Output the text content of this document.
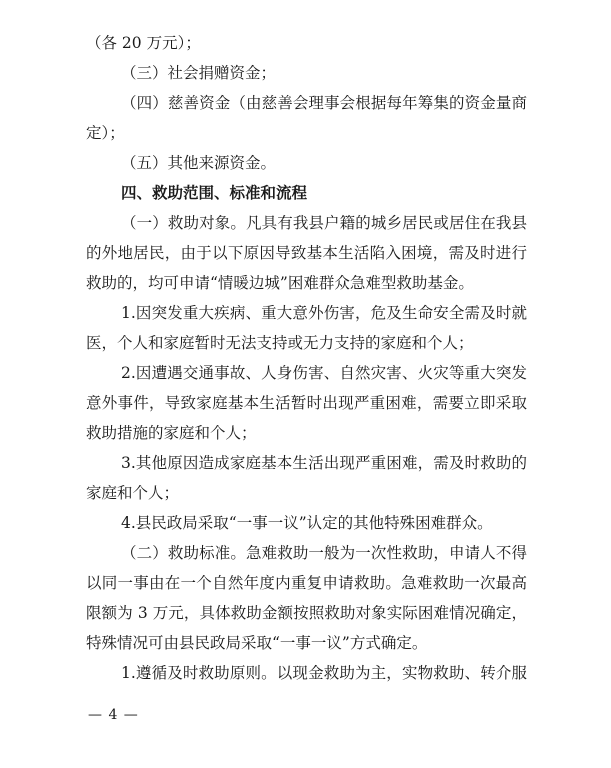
（各 20 万元）；
（三）社会捐赠资金；
（四）慈善资金（由慈善会理事会根据每年筹集的资金量商
定）；
（五）其他来源资金。
四、救助范围、标准和流程
（一）救助对象。凡具有我县户籍的城乡居民或居住在我县
的外地居民，由于以下原因导致基本生活陷入困境，需及时进行
救助的，均可申请“情暖边城”困难群众急难型救助基金。
1.因突发重大疾病、重大意外伤害，危及生命安全需及时就
医，个人和家庭暂时无法支持或无力支持的家庭和个人；
2.因遭遇交通事故、人身伤害、自然灾害、火灾等重大突发
意外事件，导致家庭基本生活暂时出现严重困难，需要立即采取
救助措施的家庭和个人；
3.其他原因造成家庭基本生活出现严重困难，需及时救助的
家庭和个人；
4.县民政局采取“一事一议”认定的其他特殊困难群众。
（二）救助标准。急难救助一般为一次性救助，申请人不得
以同一事由在一个自然年度内重复申请救助。急难救助一次最高
限额为 3 万元，具体救助金额按照救助对象实际困难情况确定，
特殊情况可由县民政局采取“一事一议”方式确定。
1.遵循及时救助原则。以现金救助为主，实物救助、转介服
— 4 —
